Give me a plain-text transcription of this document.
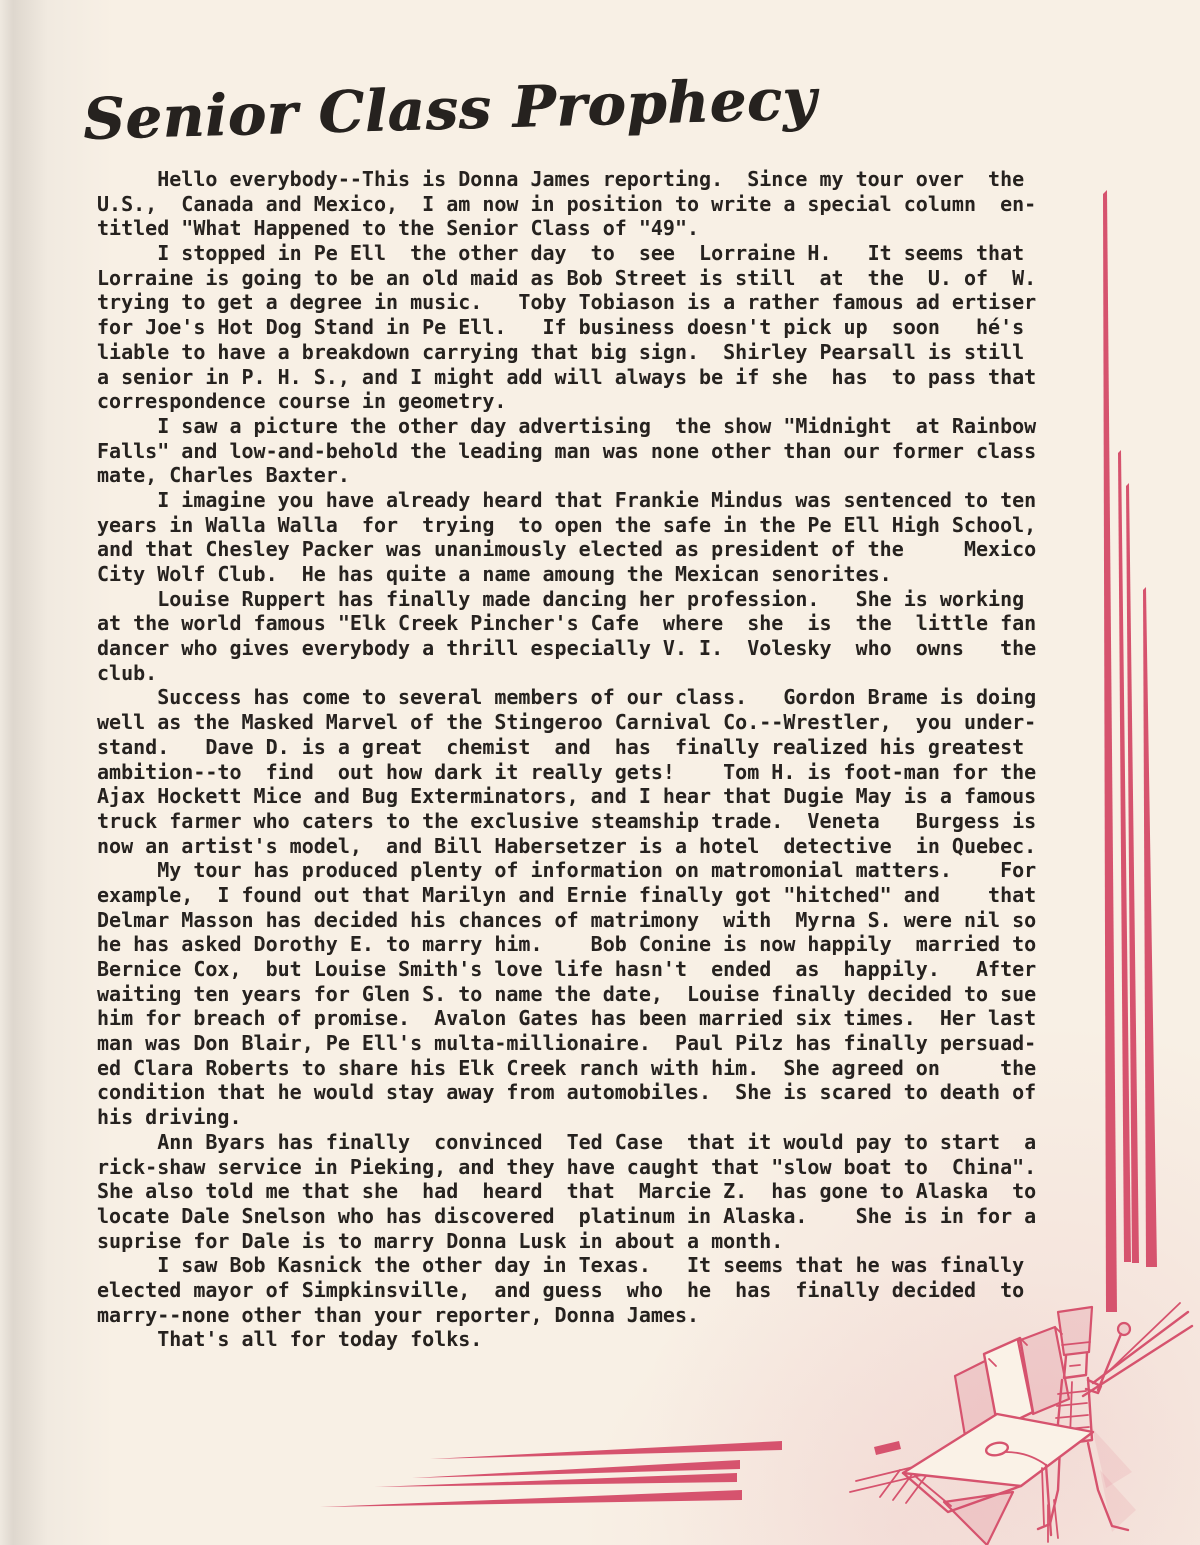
Senior Class Prophecy
Hello everybody--This is Donna James reporting.  Since my tour over  the
U.S.,  Canada and Mexico,  I am now in position to write a special column  en-
titled "What Happened to the Senior Class of "49".
I stopped in Pe Ell  the other day  to  see  Lorraine H.   It seems that
Lorraine is going to be an old maid as Bob Street is still  at  the  U. of  W.
trying to get a degree in music.   Toby Tobiason is a rather famous ad ertiser
for Joe's Hot Dog Stand in Pe Ell.   If business doesn't pick up  soon   hé's
liable to have a breakdown carrying that big sign.  Shirley Pearsall is still
a senior in P. H. S., and I might add will always be if she  has  to pass that
correspondence course in geometry.
I saw a picture the other day advertising  the show "Midnight  at Rainbow
Falls" and low-and-behold the leading man was none other than our former class
mate, Charles Baxter.
I imagine you have already heard that Frankie Mindus was sentenced to ten
years in Walla Walla  for  trying  to open the safe in the Pe Ell High School,
and that Chesley Packer was unanimously elected as president of the     Mexico
City Wolf Club.  He has quite a name amoung the Mexican senorites.
Louise Ruppert has finally made dancing her profession.   She is working
at the world famous "Elk Creek Pincher's Cafe  where  she  is  the  little fan
dancer who gives everybody a thrill especially V. I.  Volesky  who  owns   the
club.
Success has come to several members of our class.   Gordon Brame is doing
well as the Masked Marvel of the Stingeroo Carnival Co.--Wrestler,  you under-
stand.   Dave D. is a great  chemist  and  has  finally realized his greatest
ambition--to  find  out how dark it really gets!    Tom H. is foot-man for the
Ajax Hockett Mice and Bug Exterminators, and I hear that Dugie May is a famous
truck farmer who caters to the exclusive steamship trade.  Veneta   Burgess is
now an artist's model,  and Bill Habersetzer is a hotel  detective  in Quebec.
My tour has produced plenty of information on matromonial matters.    For
example,  I found out that Marilyn and Ernie finally got "hitched" and    that
Delmar Masson has decided his chances of matrimony  with  Myrna S. were nil so
he has asked Dorothy E. to marry him.    Bob Conine is now happily  married to
Bernice Cox,  but Louise Smith's love life hasn't  ended  as  happily.   After
waiting ten years for Glen S. to name the date,  Louise finally decided to sue
him for breach of promise.  Avalon Gates has been married six times.  Her last
man was Don Blair, Pe Ell's multa-millionaire.  Paul Pilz has finally persuad-
ed Clara Roberts to share his Elk Creek ranch with him.  She agreed on     the
condition that he would stay away from automobiles.  She is scared to death of
his driving.
Ann Byars has finally  convinced  Ted Case  that it would pay to start  a
rick-shaw service in Pieking, and they have caught that "slow boat to  China".
She also told me that she  had  heard  that  Marcie Z.  has gone to Alaska  to
locate Dale Snelson who has discovered  platinum in Alaska.    She is in for a
suprise for Dale is to marry Donna Lusk in about a month.
I saw Bob Kasnick the other day in Texas.   It seems that he was finally
elected mayor of Simpkinsville,  and guess  who  he  has  finally decided  to
marry--none other than your reporter, Donna James.
That's all for today folks.
